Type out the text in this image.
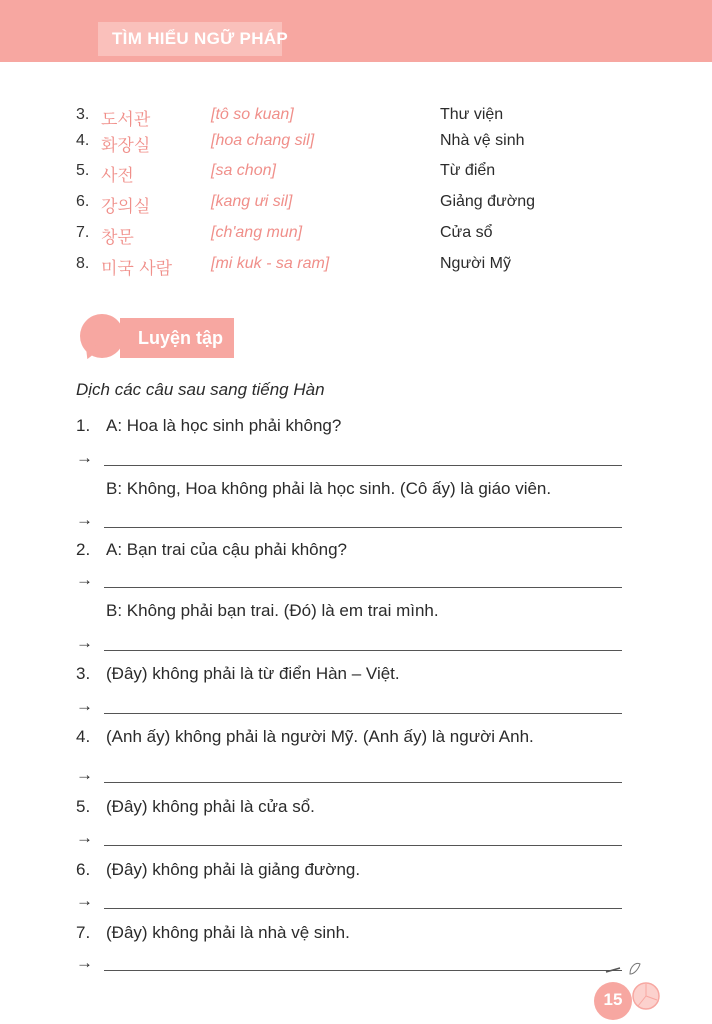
TÌM HIỂU NGỮ PHÁP
3. 도서관	[tô so kuan]	Thư viện
4. 화장실	[hoa chang sil]	Nhà vệ sinh
5. 사전	[sa chon]	Từ điển
6. 강의실	[kang ưi sil]	Giảng đường
7. 창문	[ch'ang mun]	Cửa sổ
8. 미국 사람 [mi kuk - sa ram]	Người Mỹ
Luyện tập
Dịch các câu sau sang tiếng Hàn
1. A: Hoa là học sinh phải không?
→
B: Không, Hoa không phải là học sinh. (Cô ấy) là giáo viên.
→
2. A: Bạn trai của cậu phải không?
→
B: Không phải bạn trai. (Đó) là em trai mình.
→
3. (Đây) không phải là từ điển Hàn – Việt.
→
4. (Anh ấy) không phải là người Mỹ. (Anh ấy) là người Anh.
→
5. (Đây) không phải là cửa sổ.
→
6. (Đây) không phải là giảng đường.
→
7. (Đây) không phải là nhà vệ sinh.
→
15
